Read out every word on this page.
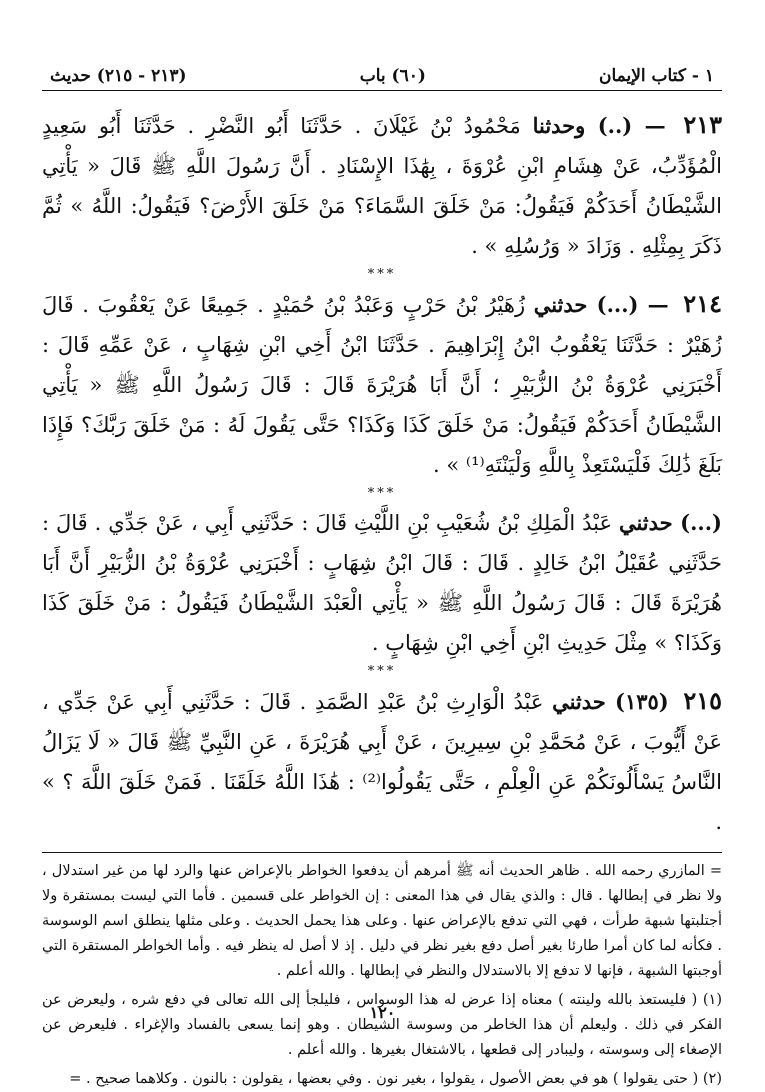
١ - كتاب الإيمان
(٦٠) باب
(٢١٣ - ٢١٥) حديث

٢١٣ — (..) وحدثنا مَحْمُودُ بْنُ غَيْلَانَ . حَدَّثَنَا أَبُو النَّضْرِ . حَدَّثَنَا أَبُو سَعِيدٍ الْمُؤَدِّبُ، عَنْ هِشَامِ ابْنِ عُرْوَةَ ، بِهَٰذَا الإِسْنَادِ . أَنَّ رَسُولَ اللَّهِ ﷺ قَالَ « يَأْتِي الشَّيْطَانُ أَحَدَكُمْ فَيَقُولُ: مَنْ خَلَقَ السَّمَاءَ؟ مَنْ خَلَقَ الأَرْضَ؟ فَيَقُولُ: اللَّهُ » ثُمَّ ذَكَرَ بِمِثْلِهِ . وَزَادَ « وَرُسُلِهِ » .

***

٢١٤ — (...) حدثني زُهَيْرُ بْنُ حَرْبٍ وَعَبْدُ بْنُ حُمَيْدٍ . جَمِيعًا عَنْ يَعْقُوبَ . قَالَ زُهَيْرٌ : حَدَّثَنَا يَعْقُوبُ ابْنُ إِبْرَاهِيمَ . حَدَّثَنَا ابْنُ أَخِي ابْنِ شِهَابٍ ، عَنْ عَمِّهِ قَالَ : أَخْبَرَنِي عُرْوَةُ بْنُ الزُّبَيْرِ ؛ أَنَّ أَبَا هُرَيْرَةَ قَالَ : قَالَ رَسُولُ اللَّهِ ﷺ « يَأْتِي الشَّيْطَانُ أَحَدَكُمْ فَيَقُولُ: مَنْ خَلَقَ كَذَا وَكَذَا؟ حَتَّى يَقُولَ لَهُ : مَنْ خَلَقَ رَبَّكَ؟ فَإِذَا بَلَغَ ذَٰلِكَ فَلْيَسْتَعِذْ بِاللَّهِ وَلْيَنْتَهِ⁽¹⁾ » .

***

(...) حدثني عَبْدُ الْمَلِكِ بْنُ شُعَيْبِ بْنِ اللَّيْثِ قَالَ : حَدَّثَنِي أَبِي ، عَنْ جَدِّي . قَالَ : حَدَّثَنِي عُقَيْلُ ابْنُ خَالِدٍ . قَالَ : قَالَ ابْنُ شِهَابٍ : أَخْبَرَنِي عُرْوَةُ بْنُ الزُّبَيْرِ أَنَّ أَبَا هُرَيْرَةَ قَالَ : قَالَ رَسُولُ اللَّهِ ﷺ « يَأْتِي الْعَبْدَ الشَّيْطَانُ فَيَقُولُ : مَنْ خَلَقَ كَذَا وَكَذَا؟ » مِثْلَ حَدِيثِ ابْنِ أَخِي ابْنِ شِهَابٍ .

***

٢١٥ (١٣٥) حدثني عَبْدُ الْوَارِثِ بْنُ عَبْدِ الصَّمَدِ . قَالَ : حَدَّثَنِي أَبِي عَنْ جَدِّي ، عَنْ أَيُّوبَ ، عَنْ مُحَمَّدِ بْنِ سِيرِينَ ، عَنْ أَبِي هُرَيْرَةَ ، عَنِ النَّبِيِّ ﷺ قَالَ « لَا يَزَالُ النَّاسُ يَسْأَلُونَكُمْ عَنِ الْعِلْمِ ، حَتَّى يَقُولُوا⁽²⁾ : هَٰذَا اللَّهُ خَلَقَنَا . فَمَنْ خَلَقَ اللَّهَ ؟ » .

= المازري رحمه الله . ظاهر الحديث أنه ﷺ أمرهم أن يدفعوا الخواطر بالإعراض عنها والرد لها من غير استدلال ، ولا نظر في إبطالها . قال : والذي يقال في هذا المعنى : إن الخواطر على قسمين . فأما التي ليست بمستقرة ولا أجتلبتها شبهة طرأت ، فهي التي تدفع بالإعراض عنها . وعلى هذا يحمل الحديث . وعلى مثلها ينطلق اسم الوسوسة . فكأنه لما كان أمرا طارئا بغير أصل دفع بغير نظر في دليل . إذ لا أصل له ينظر فيه . وأما الخواطر المستقرة التي أوجبتها الشبهة ، فإنها لا تدفع إلا بالاستدلال والنظر في إبطالها . والله أعلم .

(١) ( فليستعذ بالله ولينته ) معناه إذا عرض له هذا الوسواس ، فليلجأ إلى الله تعالى في دفع شره ، وليعرض عن الفكر في ذلك . وليعلم أن هذا الخاطر من وسوسة الشيطان . وهو إنما يسعى بالفساد والإغراء . فليعرض عن الإصغاء إلى وسوسته ، وليبادر إلى قطعها ، بالاشتغال بغيرها . والله أعلم .

(٢) ( حتى يقولوا ) هو في بعض الأصول ، يقولوا ، بغير نون . وفي بعضها ، يقولون : بالنون . وكلاهما صحيح . =

١٢٠
